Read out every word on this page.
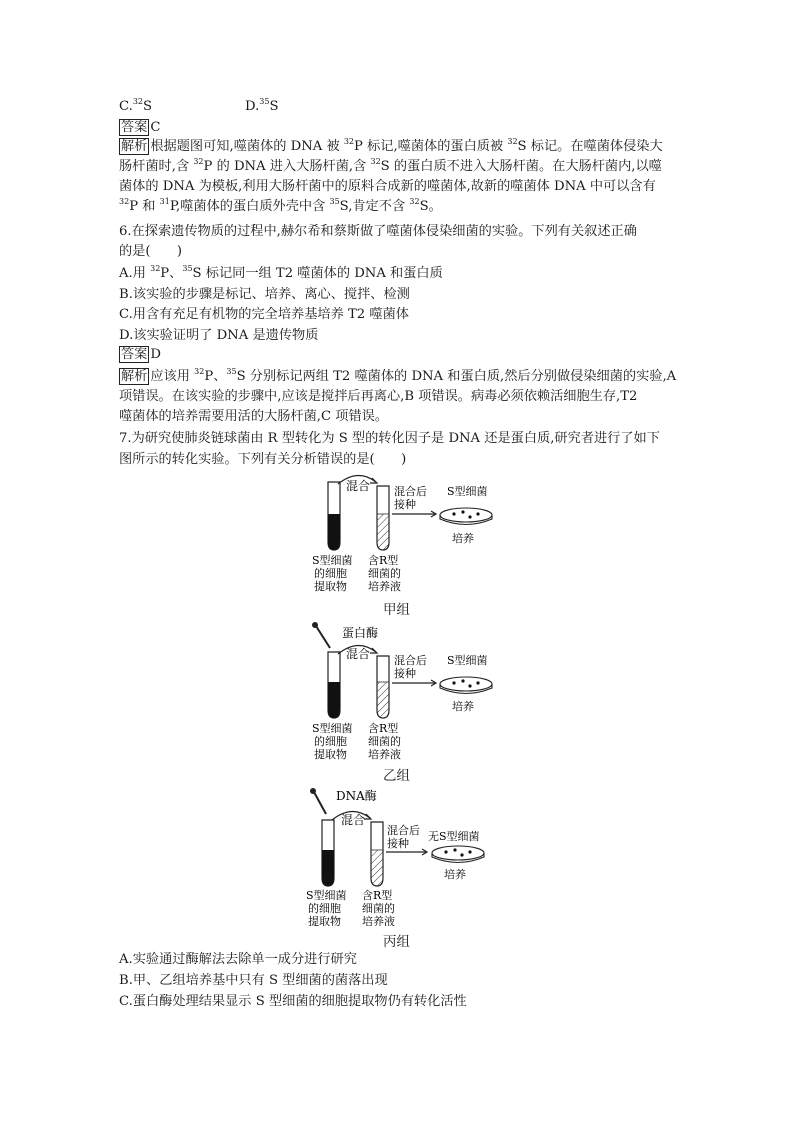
C.$^{32}$S	D.$^{35}$S
答案 C
解析 根据题图可知,噬菌体的 DNA 被 $^{32}$P 标记,噬菌体的蛋白质被 $^{32}$S 标记。在噬菌体侵染大
肠杆菌时,含 $^{32}$P 的 DNA 进入大肠杆菌,含 $^{32}$S 的蛋白质不进入大肠杆菌。在大肠杆菌内,以噬
菌体的 DNA 为模板,利用大肠杆菌中的原料合成新的噬菌体,故新的噬菌体 DNA 中可以含有
$^{32}$P 和 $^{31}$P,噬菌体的蛋白质外壳中含 $^{35}$S,肯定不含 $^{32}$S。
6.在探索遗传物质的过程中,赫尔希和蔡斯做了噬菌体侵染细菌的实验。下列有关叙述正确
的是(　　)
A.用 $^{32}$P、$^{35}$S 标记同一组 T2 噬菌体的 DNA 和蛋白质
B.该实验的步骤是标记、培养、离心、搅拌、检测
C.用含有充足有机物的完全培养基培养 T2 噬菌体
D.该实验证明了 DNA 是遗传物质
答案 D
解析 应该用 $^{32}$P、$^{35}$S 分别标记两组 T2 噬菌体的 DNA 和蛋白质,然后分别做侵染细菌的实验,A
项错误。在该实验的步骤中,应该是搅拌后再离心,B 项错误。病毒必须依赖活细胞生存,T2
噬菌体的培养需要用活的大肠杆菌,C 项错误。
7.为研究使肺炎链球菌由 R 型转化为 S 型的转化因子是 DNA 还是蛋白质,研究者进行了如下
图所示的转化实验。下列有关分析错误的是(　　)
混合 混合后
接种
S型细菌
培养
S型细菌
的细胞
提取物
含R型
细菌的
培养液
甲组
蛋白酶
混合 混合后
接种
S型细菌
培养
S型细菌
的细胞
提取物
含R型
细菌的
培养液
乙组
DNA酶
混合
混合后
接种
无S型细菌
培养
S型细菌
的细胞
提取物
含R型
细菌的
培养液
丙组
A.实验通过酶解法去除单一成分进行研究
B.甲、乙组培养基中只有 S 型细菌的菌落出现
C.蛋白酶处理结果显示 S 型细菌的细胞提取物仍有转化活性
